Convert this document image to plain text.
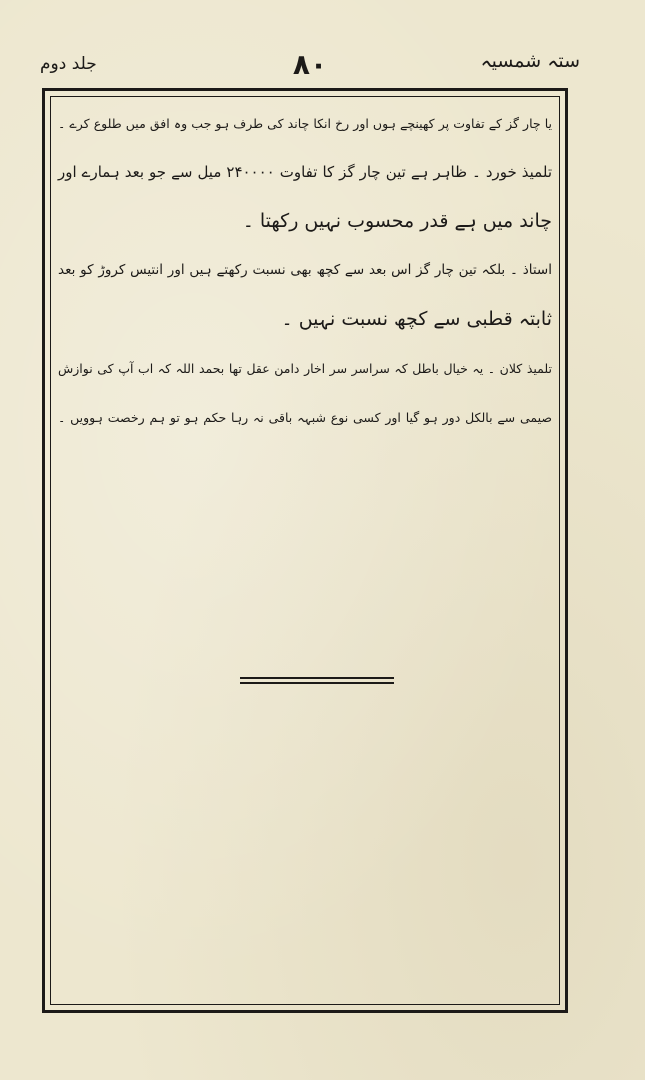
جلد دوم	۸۰	ستہ شمسیہ
یا چار گز کے تفاوت پر کھینچے ہوں اور رخ انکا چاند کی طرف ہو جب وہ افق میں طلوع کرے ۔
تلمیذ خورد ۔ ظاہر ہے تین چار گز کا تفاوت ۲۴۰۰۰۰ میل سے جو بعد ہمارے اور
چاند میں ہے قدر محسوب نہیں رکھتا ۔
استاذ ۔ بلکہ تین چار گز اس بعد سے کچھ بھی نسبت رکھتے ہیں اور انتیس کروڑ کو بعد
ثابتہ قطبی سے کچھ نسبت نہیں ۔
تلمیذ کلان ۔ یہ خیال باطل کہ سراسر سر اخار دامن عقل تھا بحمد اللہ کہ اب آپ کی نوازش
صیمی سے بالکل دور ہو گیا اور کسی نوع شبہہ باقی نہ رہا حکم ہو تو ہم رخصت ہوویں ۔
